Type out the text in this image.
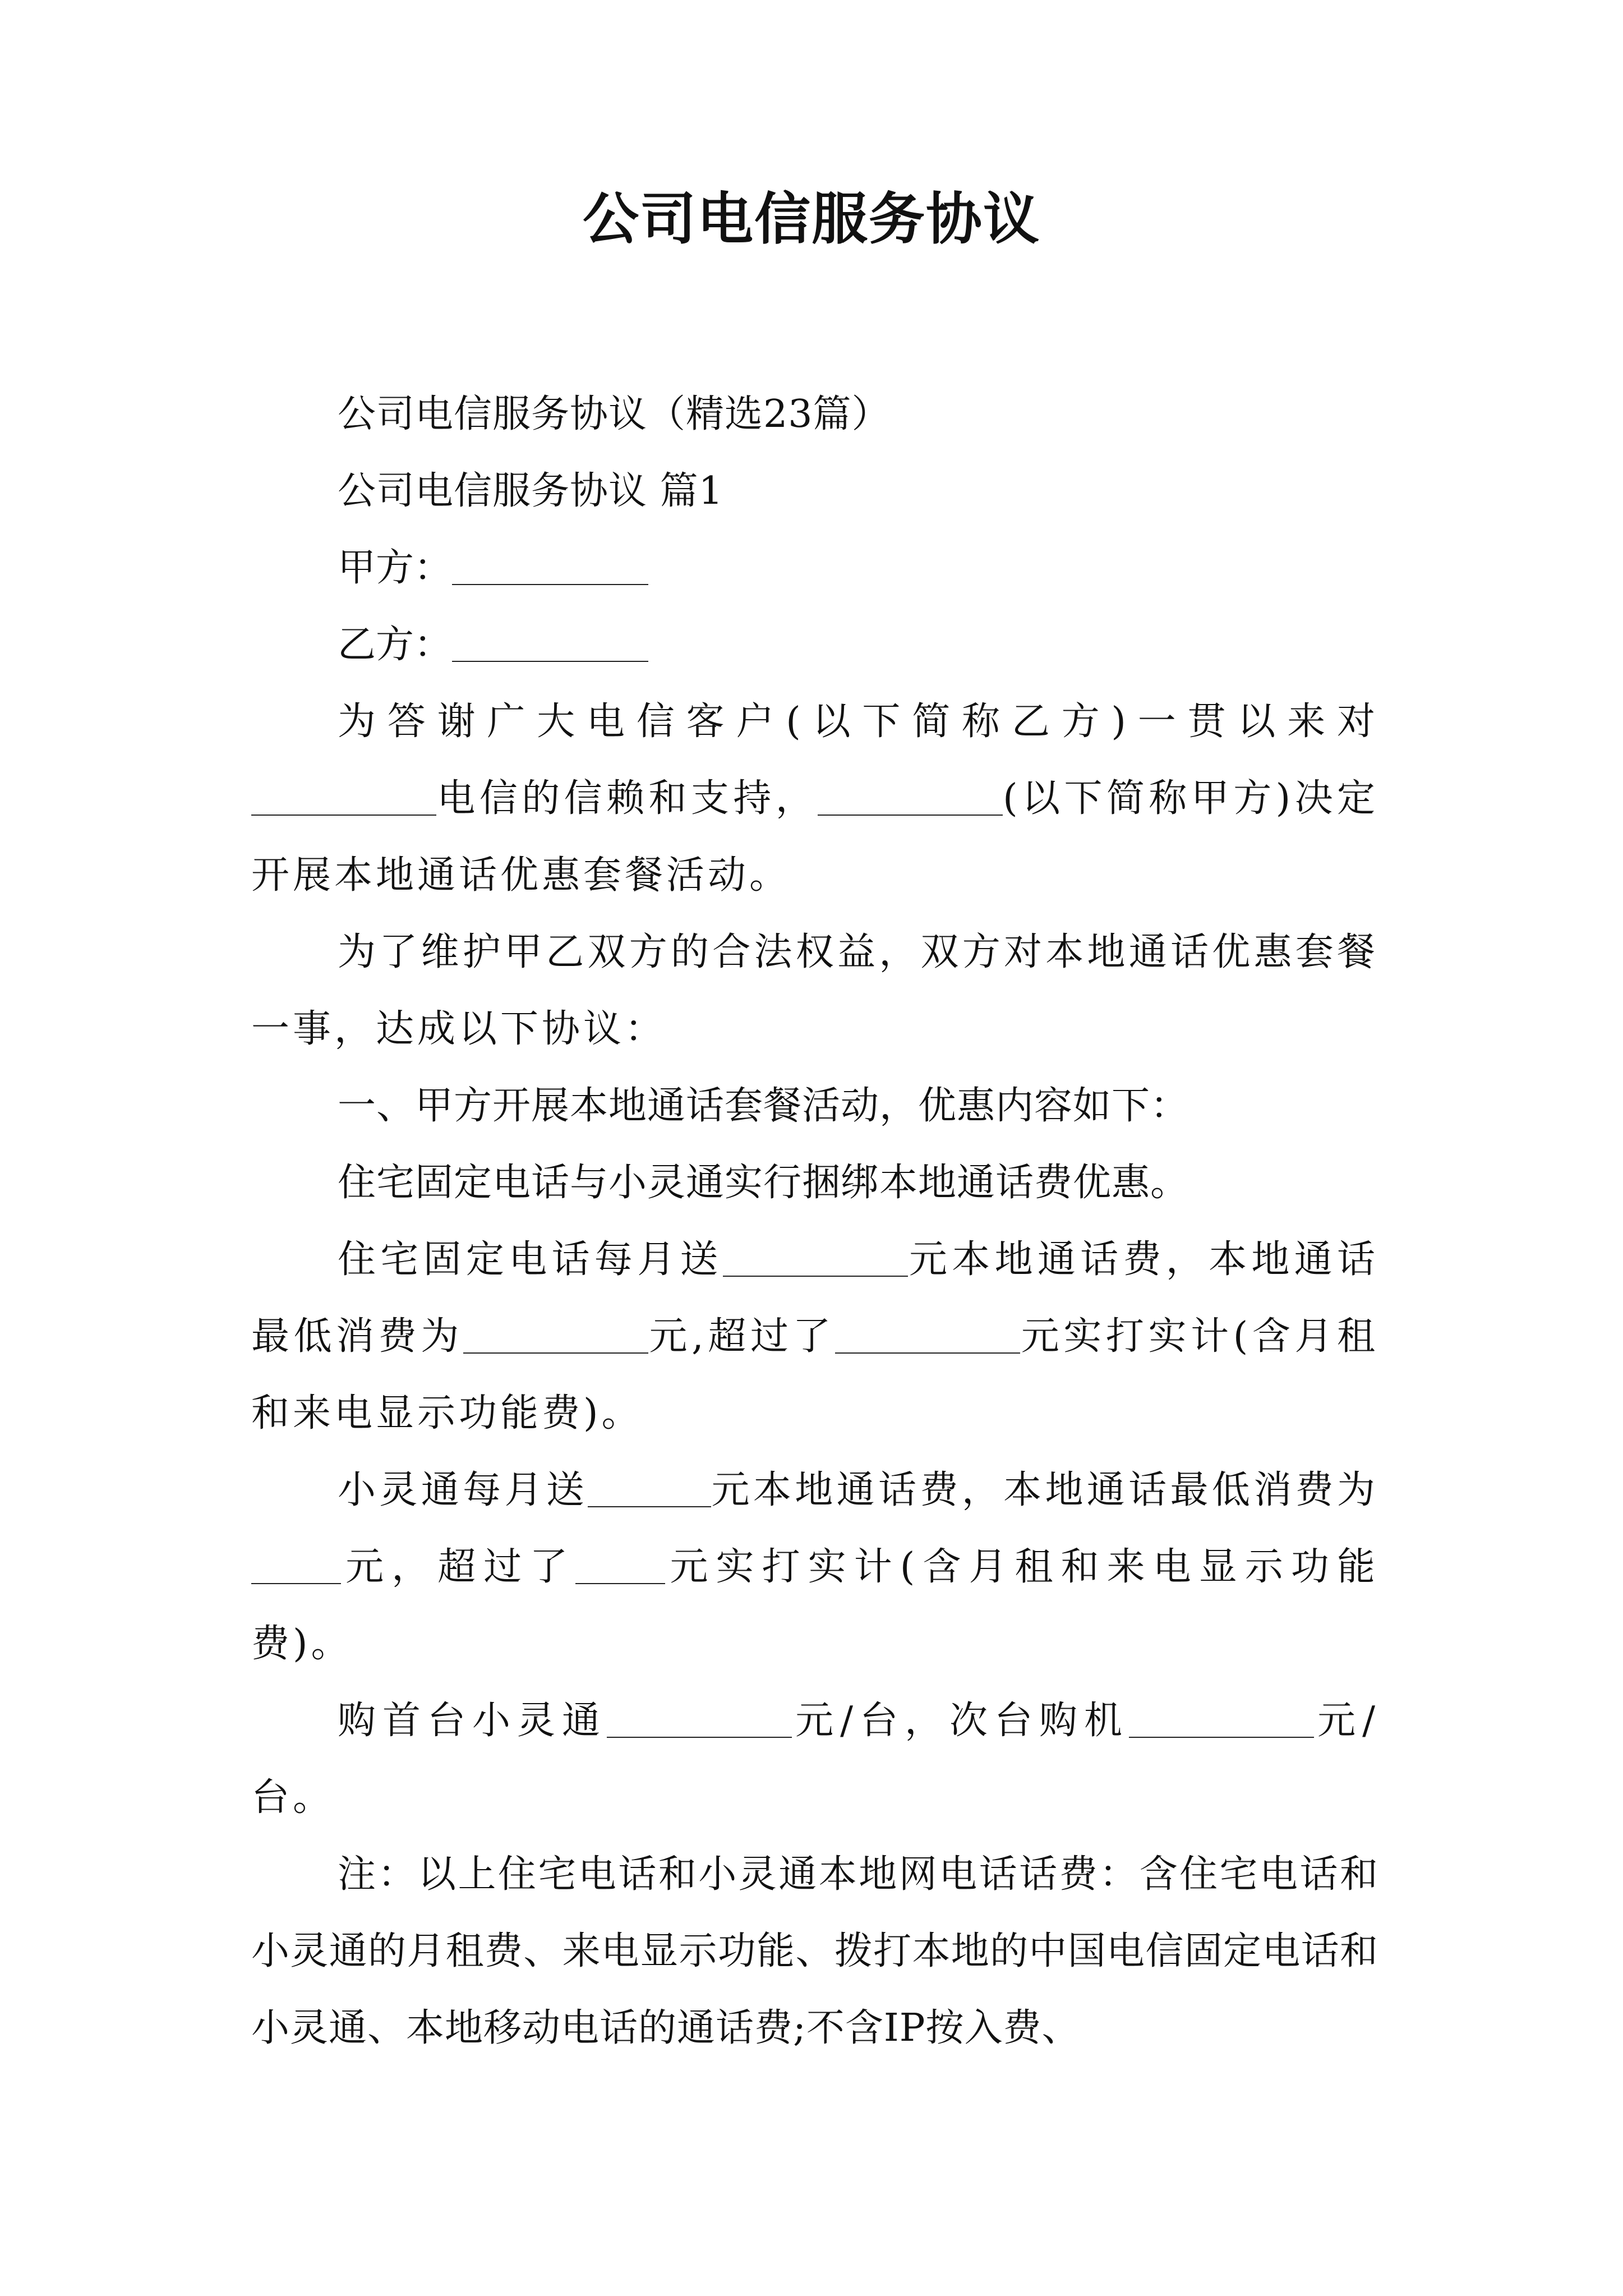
公司电信服务协议

公司电信服务协议（精选23篇）

公司电信服务协议 篇1

甲方：

乙方：

为答谢广大电信客户(以下简称乙方)一贯以来对电信的信赖和支持，	(以下简称甲方)决定开展本地通话优惠套餐活动。

为了维护甲乙双方的合法权益，双方对本地通话优惠套餐一事，达成以下协议：

一、甲方开展本地通话套餐活动，优惠内容如下：

住宅固定电话与小灵通实行捆绑本地通话费优惠。

住宅固定电话每月送	元本地通话费，本地通话最低消费为	元,超过了	元实打实计(含月租和来电显示功能费)。

小灵通每月送	元本地通话费，本地通话最低消费为元，超过了 元实打实计(含月租和来电显示功能费)。

购首台小灵通	元/台，次台购机	元/台。

注：以上住宅电话和小灵通本地网电话话费：含住宅电话和小灵通的月租费、来电显示功能、拨打本地的中国电信固定电话和小灵通、本地移动电话的通话费;不含IP按入费、
